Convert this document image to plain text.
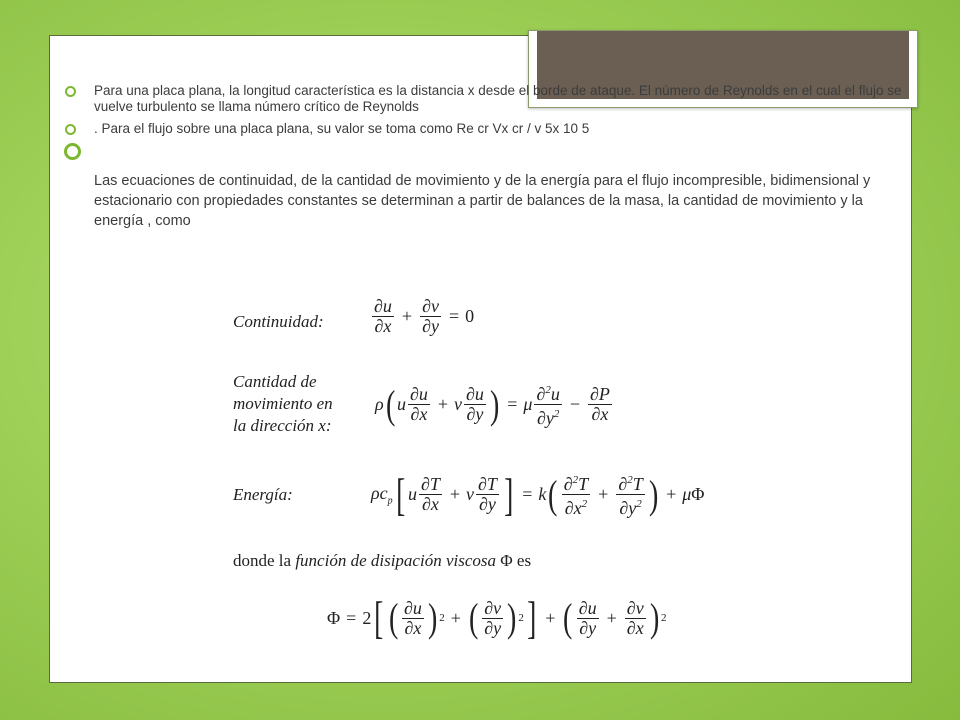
Para una placa plana, la longitud característica es la distancia x desde el borde de ataque. El número de Reynolds en el cual el flujo se vuelve turbulento se llama número crítico de Reynolds
. Para el flujo sobre una placa plana, su valor se toma como Re cr Vx cr / v 5x 10 5
Las ecuaciones de continuidad, de la cantidad de movimiento y de la energía para el flujo incompresible, bidimensional y estacionario con propiedades constantes se determinan a partir de balances de la masa, la cantidad de movimiento y la energía , como
Continuidad:	$\frac{\partial u}{\partial x} + \frac{\partial v}{\partial y} = 0$
Cantidad de
movimiento en
la dirección x:
ρ ( u $\frac{\partial u}{\partial x} + v \frac{\partial u}{\partial y}$ ) = μ $\frac{\partial^2u}{\partial y^2} - \frac{\partial P}{\partial x}$
Energía:	$\rho c_p$ [ u $\frac{\partial T}{\partial x} + v \frac{\partial T}{\partial y}$ ] = k ( $\frac{\partial^2T}{\partial x^2} + \frac{\partial^2T}{\partial y^2}$ ) + μ Φ
donde la función de disipación viscosa Φ es
Φ = 2 [ ( $\frac{\partial u}{\partial x}$ ) 2 + ( $\frac{\partial v}{\partial y}$ ) 2 ] + ( $\frac{\partial u}{\partial y} + \frac{\partial v}{\partial x}$ ) 2
